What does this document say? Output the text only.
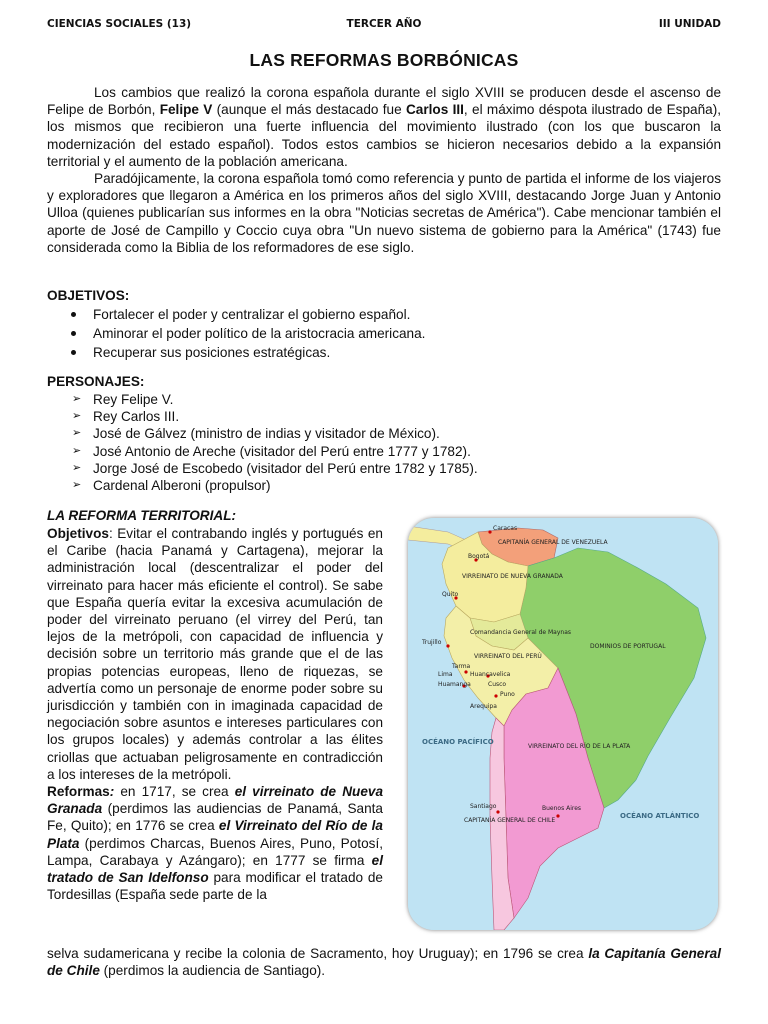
CIENCIAS SOCIALES (13)	TERCER AÑO	III UNIDAD
LAS REFORMAS BORBÓNICAS

Los cambios que realizó la corona española durante el siglo XVIII se producen desde el ascenso de Felipe de Borbón, Felipe V (aunque el más destacado fue Carlos III, el máximo déspota ilustrado de España), los mismos que recibieron una fuerte influencia del movimiento ilustrado (con los que buscaron la modernización del estado español). Todos estos cambios se hicieron necesarios debido a la expansión territorial y el aumento de la población americana.

Paradójicamente, la corona española tomó como referencia y punto de partida el informe de los viajeros y exploradores que llegaron a América en los primeros años del siglo XVIII, destacando Jorge Juan y Antonio Ulloa (quienes publicarían sus informes en la obra "Noticias secretas de América"). Cabe mencionar también el aporte de José de Campillo y Coccio cuya obra "Un nuevo sistema de gobierno para la América" (1743) fue considerada como la Biblia de los reformadores de ese siglo.

OBJETIVOS:
Fortalecer el poder y centralizar el gobierno español.
Aminorar el poder político de la aristocracia americana.
Recuperar sus posiciones estratégicas.
PERSONAJES:
➢ Rey Felipe V.
➢ Rey Carlos III.
➢ José de Gálvez (ministro de indias y visitador de México).
➢ José Antonio de Areche (visitador del Perú entre 1777 y 1782).
➢ Jorge José de Escobedo (visitador del Perú entre 1782 y 1785).
➢ Cardenal Alberoni (propulsor)
LA REFORMA TERRITORIAL:

Objetivos: Evitar el contrabando inglés y portugués en el Caribe (hacia Panamá y Cartagena), mejorar la administración local (descentralizar el poder del virreinato para hacer más eficiente el control). Se sabe que España quería evitar la excesiva acumulación de poder del virreinato peruano (el virrey del Perú, tan lejos de la metrópoli, con capacidad de influencia y decisión sobre un territorio más grande que el de las propias potencias europeas, lleno de riquezas, se advertía como un personaje de enorme poder sobre su jurisdicción y también con in imaginada capacidad de negociación sobre asuntos e intereses particulares con los grupos locales) y además controlar a las élites criollas que actuaban peligrosamente en contradicción a los intereses de la metrópoli.

Reformas: en 1717, se crea el virreinato de Nueva Granada (perdimos las audiencias de Panamá, Santa Fe, Quito); en 1776 se crea el Virreinato del Río de la Plata (perdimos Charcas, Buenos Aires, Puno, Potosí, Lampa, Carabaya y Azángaro); en 1777 se firma el tratado de San Idelfonso para modificar el tratado de Tordesillas (España sede parte de la

selva sudamericana y recibe la colonia de Sacramento, hoy Uruguay); en 1796 se crea la Capitanía General de Chile (perdimos la audiencia de Santiago).
Caracas
CAPITANÍA GENERAL DE VENEZUELA
Bogotá
VIRREINATO DE NUEVA GRANADA
Quito
Comandancia General de Maynas
DOMINIOS DE PORTUGAL
Trujillo
VIRREINATO DEL PERÚ
Tarma
Lima	Huancavelica
Huamanga	Cusco
Puno
Arequipa
OCÉANO PACÍFICO
VIRREINATO DEL RÍO DE LA PLATA
Santiago	Buenos Aires
CAPITANÍA GENERAL DE CHILE
OCÉANO ATLÁNTICO
